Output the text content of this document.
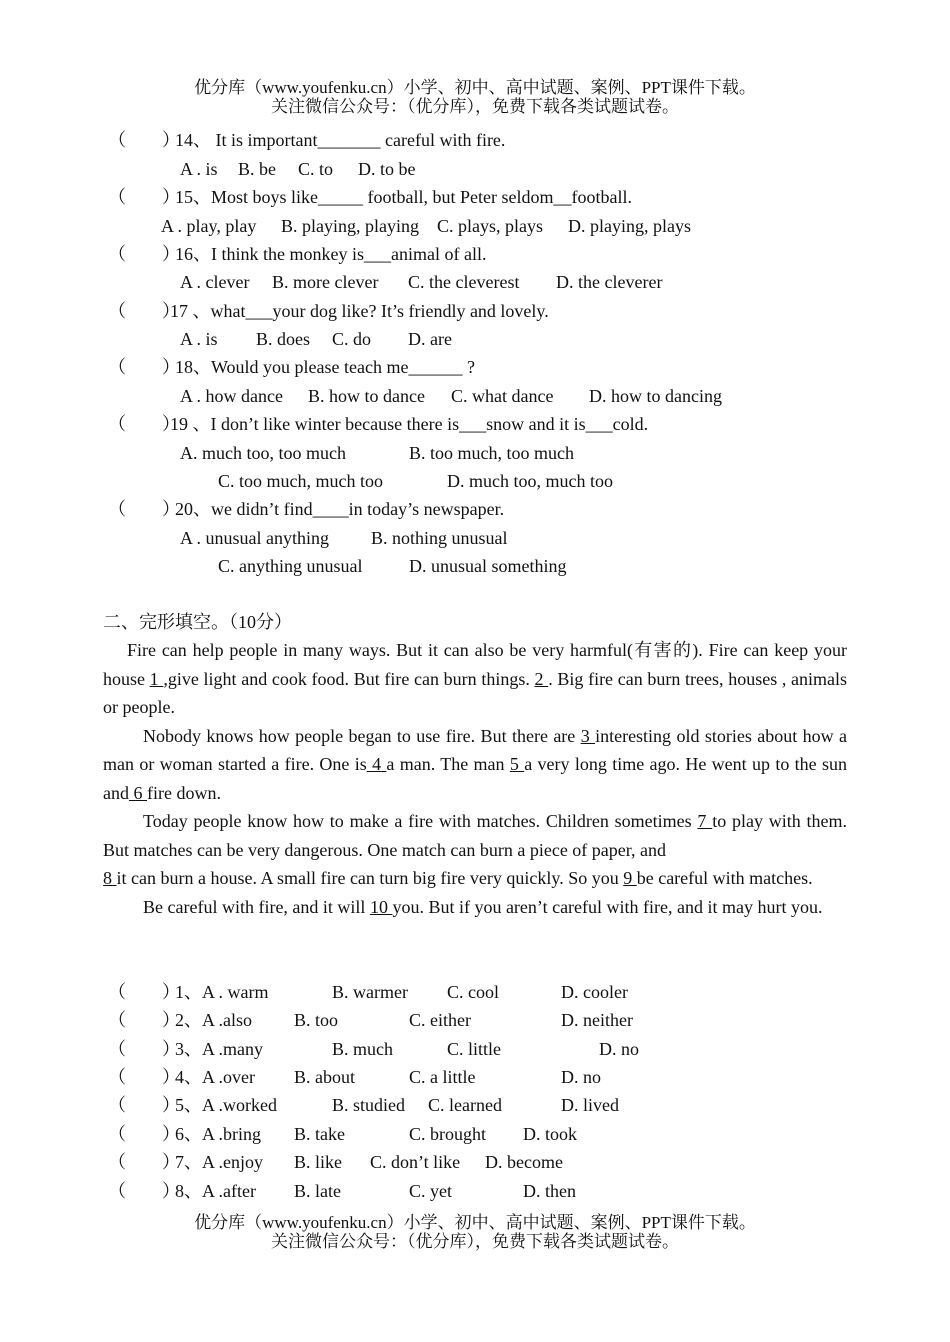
优分库（www.youfenku.cn）小学、初中、高中试题、案例、PPT课件下载。
关注微信公众号：（优分库），免费下载各类试题试卷。
（　　）
14、 It is important_______ careful with fire.
A . is B. be C. to D. to be
（　　）
15、Most boys like_____ football, but Peter seldom__football.
A . play, play B. playing, playing C. plays, plays D. playing, plays
（　　）
16、I think the monkey is___animal of all.
A . clever B. more clever C. the cleverest D. the cleverer
（　　）
17 、what___your dog like? It’s friendly and lovely.
A . is B. does C. do D. are
（　　）
18、Would you please teach me______ ?
A . how dance B. how to dance C. what dance D. how to dancing
（　　）
19 、I don’t like winter because there is___snow and it is___cold.
A. much too, too much	B. too much, too much
C. too much, much too	D. much too, much too
（　　）
20、we didn’t find____in today’s newspaper.
A . unusual anything B. nothing unusual
C. anything unusual	D. unusual something
二、完形填空。（10分）
Fire can help people in many ways. But it can also be very harmful(有害的). Fire can keep your house 1 ,give light and cook food. But fire can burn things. 2 . Big fire can burn trees, houses , animals or people.
Nobody knows how people began to use fire. But there are 3 interesting old stories about how a man or woman started a fire. One is 4 a man. The man 5 a very long time ago. He went up to the sun and 6 fire down.
Today people know how to make a fire with matches. Children sometimes 7 to play with them. But matches can be very dangerous. One match can burn a piece of paper, and
8 it can burn a house. A small fire can turn big fire very quickly. So you 9 be careful with matches.
Be careful with fire, and it will 10 you. But if you aren’t careful with fire, and it may hurt you.
（　　）
1、A . warm	B. warmer C. cool	D. cooler
（　　）
2、A .also B. too	C. either	D. neither
（　　）
3、A .many	B. much	C. little	D. no
（　　）
4、A .over B. about	C. a little	D. no
（　　）
5、A .worked	B. studied C. learned	D. lived
（　　）
6、A .bring B. take	C. brought D. took
（　　）
7、A .enjoy B. like C. don’t like D. become
（　　）
8、A .after B. late	C. yet	D. then
优分库（www.youfenku.cn）小学、初中、高中试题、案例、PPT课件下载。
关注微信公众号：（优分库），免费下载各类试题试卷。
